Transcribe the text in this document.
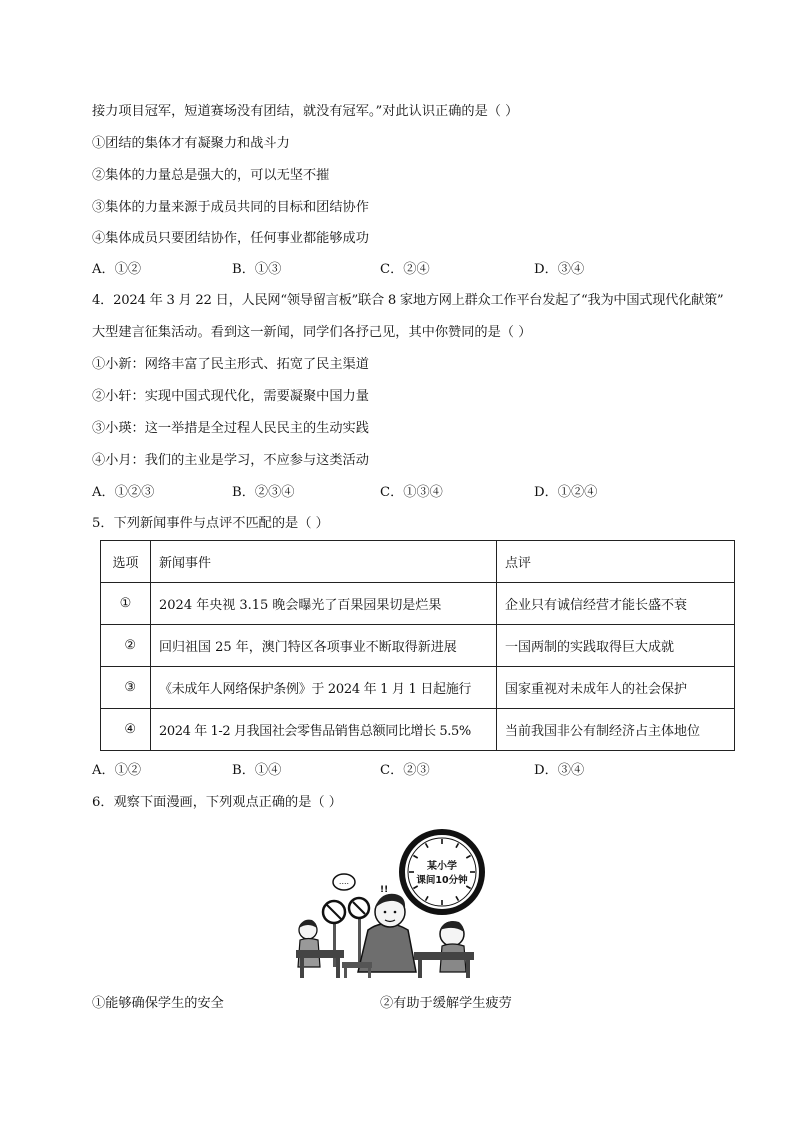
接力项目冠军，短道赛场没有团结，就没有冠军。”对此认识正确的是（ ）
①团结的集体才有凝聚力和战斗力
②集体的力量总是强大的，可以无坚不摧
③集体的力量来源于成员共同的目标和团结协作
④集体成员只要团结协作，任何事业都能够成功
A．①②	B．①③	C．②④	D．③④
4．2024 年 3 月 22 日，人民网“领导留言板”联合 8 家地方网上群众工作平台发起了“我为中国式现代化献策”
大型建言征集活动。看到这一新闻，同学们各抒己见，其中你赞同的是（ ）
①小新：网络丰富了民主形式、拓宽了民主渠道
②小轩：实现中国式现代化，需要凝聚中国力量
③小瑛：这一举措是全过程人民民主的生动实践
④小月：我们的主业是学习，不应参与这类活动
A．①②③	B．②③④	C．①③④	D．①②④
5．下列新闻事件与点评不匹配的是（ ）
选项	新闻事件	点评
①	2024 年央视 3.15 晚会曝光了百果园果切是烂果	企业只有诚信经营才能长盛不衰
②	回归祖国 25 年，澳门特区各项事业不断取得新进展	一国两制的实践取得巨大成就
③	《未成年人网络保护条例》于 2024 年 1 月 1 日起施行	国家重视对未成年人的社会保护
④	2024 年 1-2 月我国社会零售品销售总额同比增长 5.5%	当前我国非公有制经济占主体地位
A．①②	B．①④	C．②③	D．③④
6．观察下面漫画，下列观点正确的是（ ）
某小学
课间10分钟
....
!!
①能够确保学生的安全	②有助于缓解学生疲劳
